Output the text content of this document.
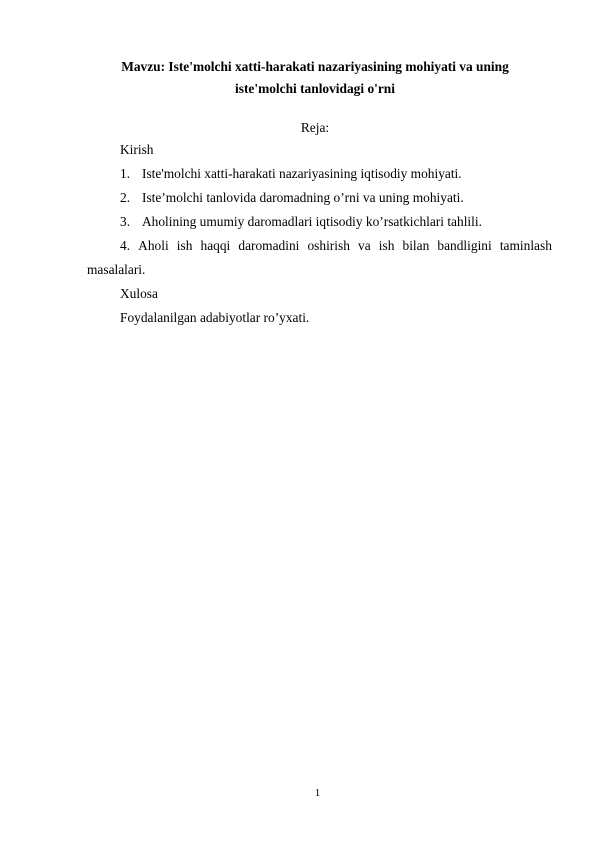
Mavzu: Iste'molchi xatti-harakati nazariyasining mohiyati va uning
iste'molchi tanlovidagi o'rni
Reja:
Kirish
1. Iste'molchi xatti-harakati nazariyasining iqtisodiy mohiyati.
2. Iste’molchi tanlovida daromadning o’rni va uning mohiyati.
3. Aholining umumiy daromadlari iqtisodiy ko’rsatkichlari tahlili.
4. Aholi ish haqqi daromadini oshirish va ish bilan bandligini taminlash
masalalari.
Xulosa
Foydalanilgan adabiyotlar ro’yxati.
1
